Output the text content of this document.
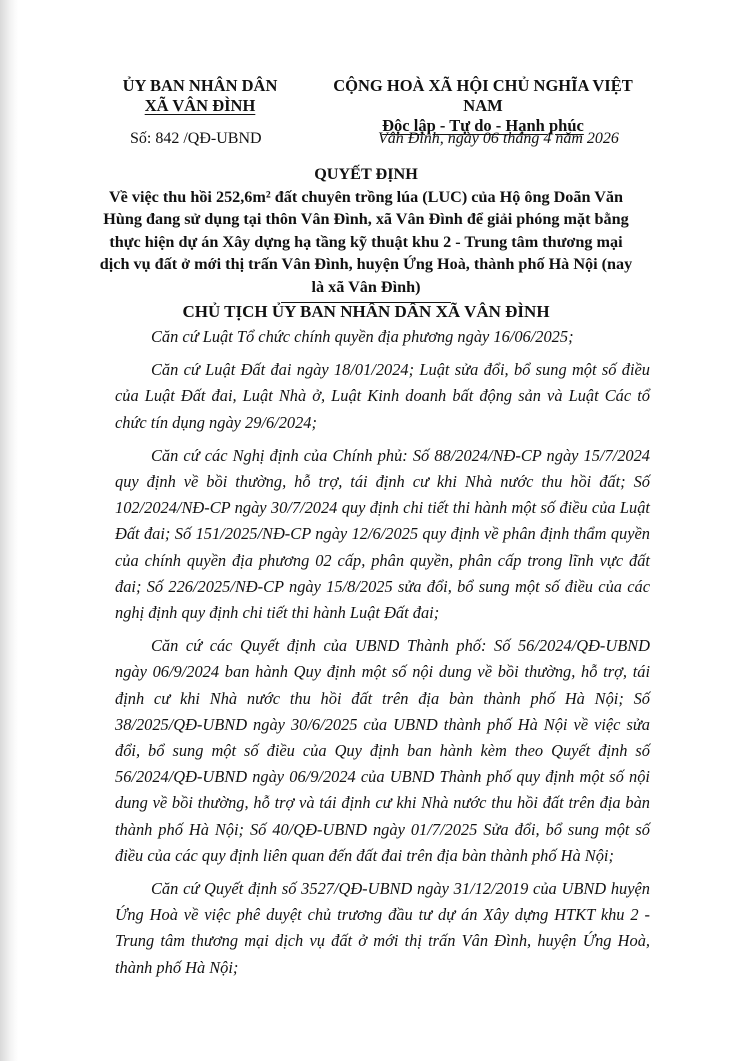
ỦY BAN NHÂN DÂN
XÃ VÂN ĐÌNH
CỘNG HOÀ XÃ HỘI CHỦ NGHĨA VIỆT NAM
Độc lập - Tự do - Hạnh phúc
Số: 842 /QĐ-UBND	Vân Đình, ngày 06 tháng 4 năm 2026
QUYẾT ĐỊNH
Về việc thu hồi 252,6m² đất chuyên trồng lúa (LUC) của Hộ ông Doãn Văn Hùng đang sử dụng tại thôn Vân Đình, xã Vân Đình để giải phóng mặt bằng thực hiện dự án Xây dựng hạ tầng kỹ thuật khu 2 - Trung tâm thương mại dịch vụ đất ở mới thị trấn Vân Đình, huyện Ứng Hoà, thành phố Hà Nội (nay là xã Vân Đình)
CHỦ TỊCH ỦY BAN NHÂN DÂN XÃ VÂN ĐÌNH

Căn cứ Luật Tổ chức chính quyền địa phương ngày 16/06/2025;

Căn cứ Luật Đất đai ngày 18/01/2024; Luật sửa đổi, bổ sung một số điều của Luật Đất đai, Luật Nhà ở, Luật Kinh doanh bất động sản và Luật Các tổ chức tín dụng ngày 29/6/2024;

Căn cứ các Nghị định của Chính phủ: Số 88/2024/NĐ-CP ngày 15/7/2024 quy định về bồi thường, hỗ trợ, tái định cư khi Nhà nước thu hồi đất; Số 102/2024/NĐ-CP ngày 30/7/2024 quy định chi tiết thi hành một số điều của Luật Đất đai; Số 151/2025/NĐ-CP ngày 12/6/2025 quy định về phân định thẩm quyền của chính quyền địa phương 02 cấp, phân quyền, phân cấp trong lĩnh vực đất đai; Số 226/2025/NĐ-CP ngày 15/8/2025 sửa đổi, bổ sung một số điều của các nghị định quy định chi tiết thi hành Luật Đất đai;

Căn cứ các Quyết định của UBND Thành phố: Số 56/2024/QĐ-UBND ngày 06/9/2024 ban hành Quy định một số nội dung về bồi thường, hỗ trợ, tái định cư khi Nhà nước thu hồi đất trên địa bàn thành phố Hà Nội; Số 38/2025/QĐ-UBND ngày 30/6/2025 của UBND thành phố Hà Nội về việc sửa đổi, bổ sung một số điều của Quy định ban hành kèm theo Quyết định số 56/2024/QĐ-UBND ngày 06/9/2024 của UBND Thành phố quy định một số nội dung về bồi thường, hỗ trợ và tái định cư khi Nhà nước thu hồi đất trên địa bàn thành phố Hà Nội; Số 40/QĐ-UBND ngày 01/7/2025 Sửa đổi, bổ sung một số điều của các quy định liên quan đến đất đai trên địa bàn thành phố Hà Nội;

Căn cứ Quyết định số 3527/QĐ-UBND ngày 31/12/2019 của UBND huyện Ứng Hoà về việc phê duyệt chủ trương đầu tư dự án Xây dựng HTKT khu 2 - Trung tâm thương mại dịch vụ đất ở mới thị trấn Vân Đình, huyện Ứng Hoà, thành phố Hà Nội;
